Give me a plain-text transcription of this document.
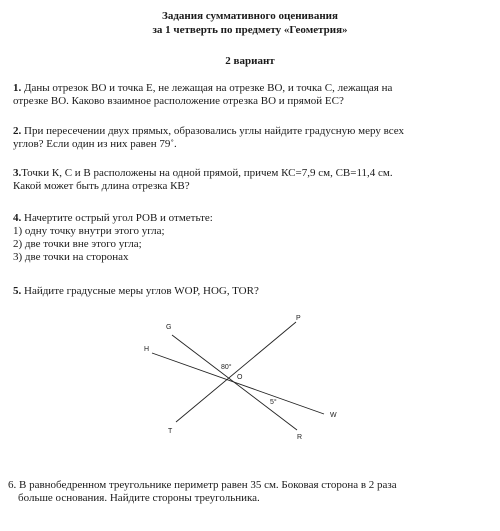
Задания суммативного оценивания
за 1 четверть по предмету «Геометрия»
2 вариант
1. Даны отрезок ВО и точка Е, не лежащая на отрезке ВО, и точка С, лежащая на
отрезке ВО. Каково взаимное расположение отрезка ВО и прямой ЕС?
2. При пересечении двух прямых, образовались углы найдите градусную меру всех
углов? Если один из них равен 79˚.
3.Точки К, С и В расположены на одной прямой, причем КС=7,9 см, СВ=11,4 см.
Какой может быть длина отрезка КВ?
4. Начертите острый угол РОВ и отметьте:
1) одну точку внутри этого угла;
2) две точки вне этого угла;
3) две точки на сторонах
5. Найдите градусные меры углов WOP, HOG, TOR?
G
P
H
80°
O
5°
W
T
R
6. В равнобедренном треугольнике периметр равен 35 см. Боковая сторона в 2 раза
больше основания. Найдите стороны треугольника.
